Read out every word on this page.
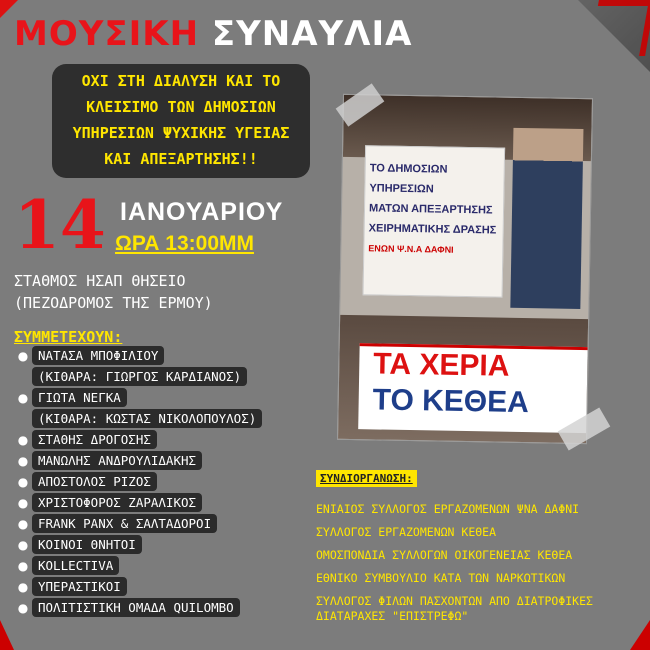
ΜΟΥΣΙΚΗ ΣΥΝΑΥΛΙΑ
ΟΧΙ ΣΤΗ ΔΙΑΛΥΣΗ ΚΑΙ ΤΟ
ΚΛΕΙΣΙΜΟ ΤΩΝ ΔΗΜΟΣΙΩΝ
ΥΠΗΡΕΣΙΩΝ ΨΥΧΙΚΗΣ ΥΓΕΙΑΣ
ΚΑΙ ΑΠΕΞΑΡΤΗΣΗΣ!!
14 ΙΑΝΟΥΑΡΙΟΥ
ΩΡΑ 13:00ΜΜ
ΣΤΑΘΜΟΣ ΗΣΑΠ ΘΗΣΕΙΟ
(ΠΕΖΟΔΡΟΜΟΣ ΤΗΣ ΕΡΜΟΥ)
ΣΥΜΜΕΤΕΧΟΥΝ:
● ΝΑΤΑΣΑ ΜΠΟΦΙΛΙΟΥ
(ΚΙΘΑΡΑ: ΓΙΩΡΓΟΣ ΚΑΡΔΙΑΝΟΣ)
● ΓΙΩΤΑ ΝΕΓΚΑ
(ΚΙΘΑΡΑ: ΚΩΣΤΑΣ ΝΙΚΟΛΟΠΟΥΛΟΣ)
● ΣΤΑΘΗΣ ΔΡΟΓΟΣΗΣ
● ΜΑΝΩΛΗΣ ΑΝΔΡΟΥΛΙΔΑΚΗΣ
● ΑΠΟΣΤΟΛΟΣ ΡΙΖΟΣ
● ΧΡΙΣΤΟΦΟΡΟΣ ΖΑΡΑΛΙΚΟΣ
● FRANK PANX & ΣΑΛΤΑΔΟΡΟΙ
● ΚΟΙΝΟΙ ΘΝΗΤΟΙ
● KOLLECTIVA
● ΥΠΕΡΑΣΤΙΚΟΙ
● ΠΟΛΙΤΙΣΤΙΚΗ ΟΜΑΔΑ QUILOMBO
ΤΟ ΔΗΜΟΣΙΩΝ ΥΠΗΡΕΣΙΩΝ
ΜΑΤΩΝ ΑΠΕΞΑΡΤΗΣΗΣ
ΧΕΙΡΗΜΑΤΙΚΗΣ ΔΡΑΣΗΣ
ΕΝΩΝ Ψ.Ν.Α ΔΑΦΝΙ
ΤΑ ΧΕΡΙΑ
ΤΟ ΚΕΘΕΑ
ΣΥΝΔΙΟΡΓΑΝΩΣΗ:
ΕΝΙΑΙΟΣ ΣΥΛΛΟΓΟΣ ΕΡΓΑΖΟΜΕΝΩΝ ΨΝΑ ΔΑΦΝΙ
ΣΥΛΛΟΓΟΣ ΕΡΓΑΖΟΜΕΝΩΝ ΚΕΘΕΑ
ΟΜΟΣΠΟΝΔΙΑ ΣΥΛΛΟΓΩΝ ΟΙΚΟΓΕΝΕΙΑΣ ΚΕΘΕΑ
ΕΘΝΙΚΟ ΣΥΜΒΟΥΛΙΟ ΚΑΤΑ ΤΩΝ ΝΑΡΚΩΤΙΚΩΝ
ΣΥΛΛΟΓΟΣ ΦΙΛΩΝ ΠΑΣΧΟΝΤΩΝ ΑΠΟ ΔΙΑΤΡΟΦΙΚΕΣ ΔΙΑΤΑΡΑΧΕΣ "ΕΠΙΣΤΡΕΦΩ"
